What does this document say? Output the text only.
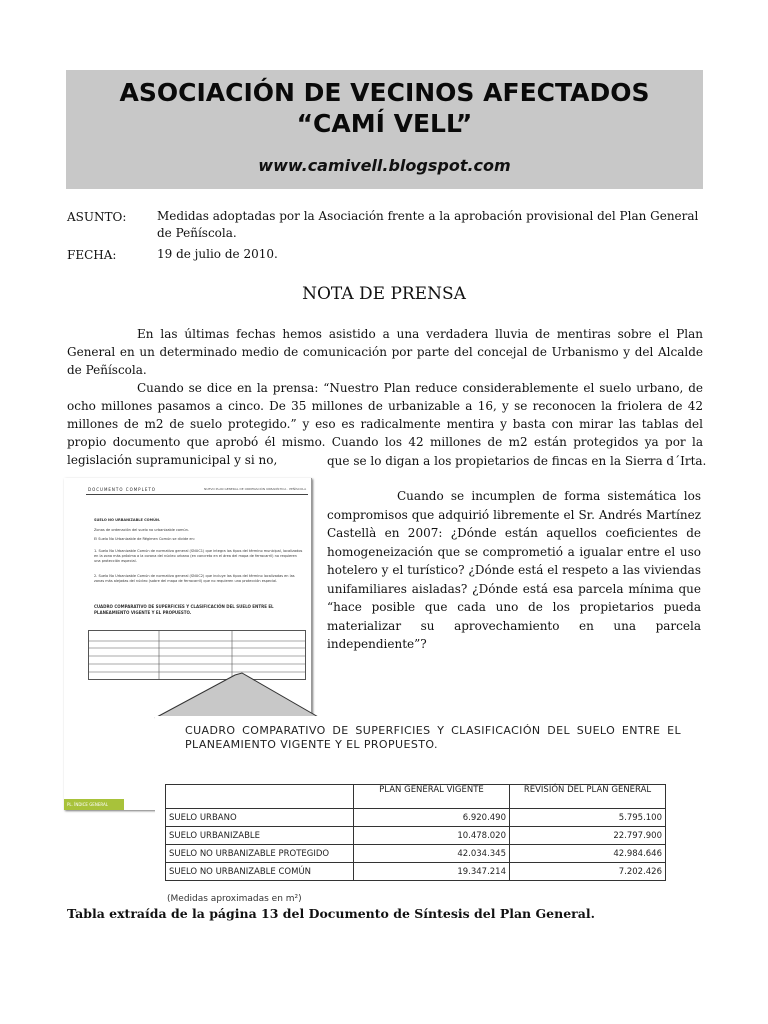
ASOCIACIÓN DE VECINOS AFECTADOS
“CAMÍ VELL”
www.camivell.blogspot.com
ASUNTO:	Medidas adoptadas por la Asociación frente a la aprobación provisional del Plan General de Peñíscola.
FECHA:	19 de julio de 2010.
NOTA DE PRENSA
En las últimas fechas hemos asistido a una verdadera lluvia de mentiras sobre el Plan General en un determinado medio de comunicación por parte del concejal de Urbanismo y del Alcalde de Peñíscola.
Cuando se dice en la prensa: “Nuestro Plan reduce considerablemente el suelo urbano, de ocho millones pasamos a cinco. De 35 millones de urbanizable a 16, y se reconocen la friolera de 42 millones de m2 de suelo protegido.” y eso es radicalmente mentira y basta con mirar las tablas del propio documento que aprobó él mismo. Cuando los 42 millones de m2 están protegidos ya por la legislación supramunicipal y si no,	que se lo digan a los propietarios de fincas en la Sierra d´Irta.
DOCUMENTO COMPLETO	NUEVO PLAN GENERAL DE ORDENACIÓN URBANÍSTICA · PEÑÍSCOLA
SUELO NO URBANIZABLE COMÚN.
Zonas de ordenación del suelo no urbanizable común.
El Suelo No Urbanizable de Régimen Común se divide en:
1. Suelo No Urbanizable Común de normativa general (SNUC1) que integra los tipos del término municipal, localizados en la zona más próxima a la corona del núcleo urbano (en concreto en el área del mapa de ferrocarril) no requieren una protección especial.
2. Suelo No Urbanizable Común de normativa general (SNUC2) que incluye las tipos del término localizadas en las zonas más alejadas del núcleo (sobre del mapa de ferrocarril) que no requieren una protección especial.
CUADRO COMPARATIVO DE SUPERFICIES Y CLASIFICACIÓN DEL SUELO ENTRE EL PLANEAMIENTO VIGENTE Y EL PROPUESTO.
PL. ÍNDICE GENERAL
Cuando se incumplen de forma sistemática los compromisos que adquirió libremente el Sr. Andrés Martínez Castellà en 2007: ¿Dónde están aquellos coeficientes de homogeneización que se comprometió a igualar entre el uso hotelero y el turístico? ¿Dónde está el respeto a las viviendas unifamiliares aisladas? ¿Dónde está esa parcela mínima que “hace posible que cada uno de los propietarios pueda materializar su aprovechamiento en una parcela independiente”?
CUADRO COMPARATIVO DE SUPERFICIES Y CLASIFICACIÓN DEL SUELO ENTRE EL PLANEAMIENTO VIGENTE Y EL PROPUESTO.
	PLAN GENERAL VIGENTE	REVISIÓN DEL PLAN GENERAL
SUELO URBANO	6.920.490	5.795.100
SUELO URBANIZABLE	10.478.020	22.797.900
SUELO NO URBANIZABLE PROTEGIDO	42.034.345	42.984.646
SUELO NO URBANIZABLE COMÚN	19.347.214	7.202.426
(Medidas aproximadas en m²)
Tabla extraída de la página 13 del Documento de Síntesis del Plan General.
